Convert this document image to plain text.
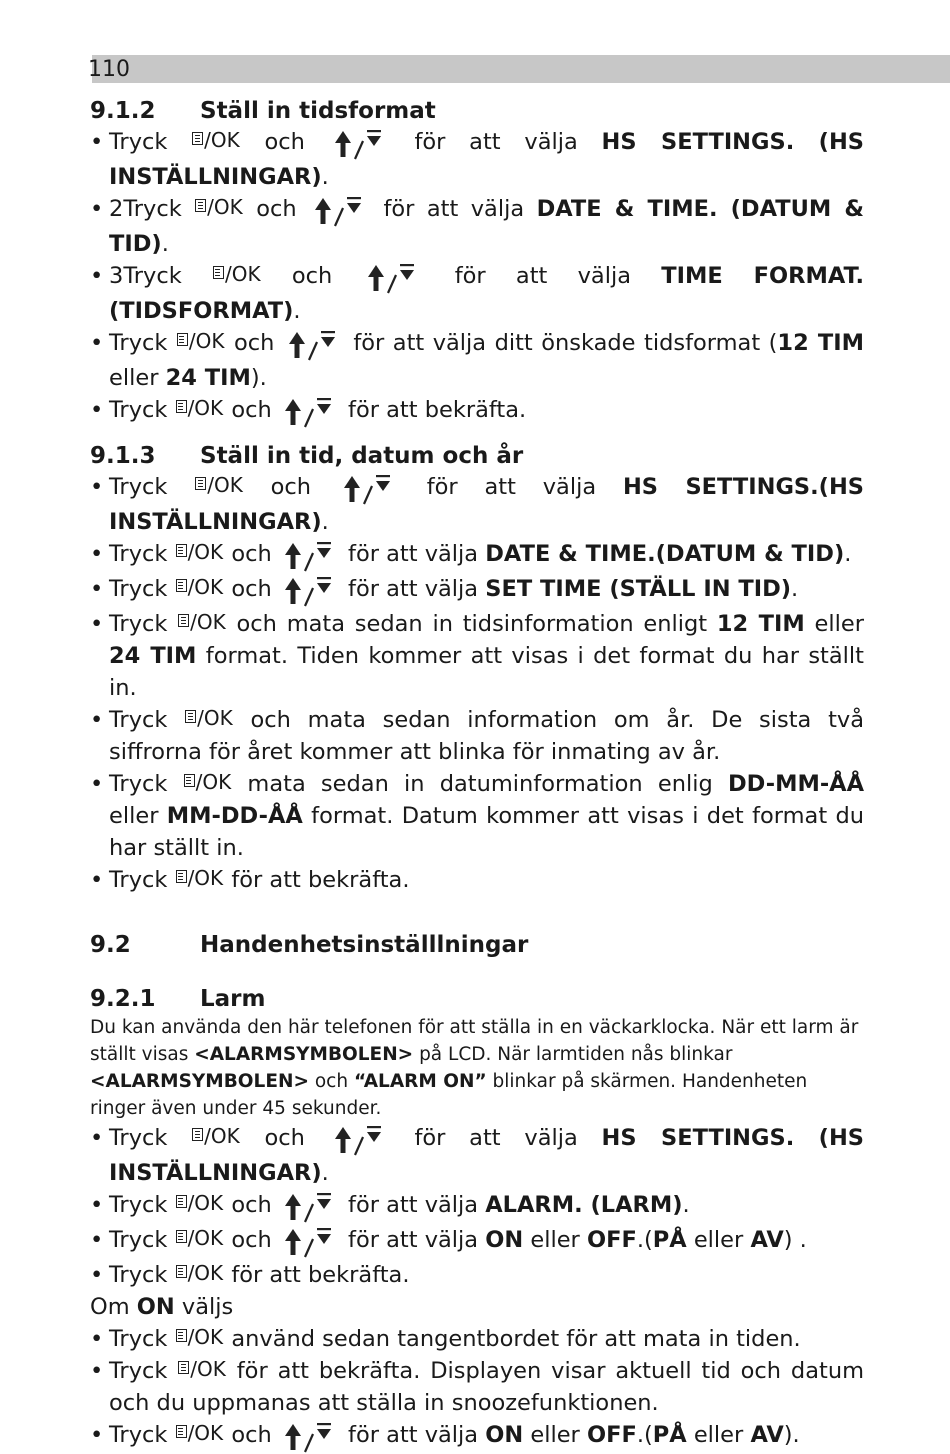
110
9.1.2	Ställ in tidsformat
• Tryck /OK och	för att välja HS SETTINGS. (HS INSTÄLLNINGAR).
• 2Tryck /OK och	för att välja DATE & TIME. (DATUM & TID).
• 3Tryck /OK och	för att välja TIME FORMAT. (TIDSFORMAT).
• Tryck /OK och	för att välja ditt önskade tidsformat (12 TIM eller 24 TIM).
• Tryck /OK och	för att bekräfta.
9.1.3	Ställ in tid, datum och år
• Tryck /OK och	för att välja HS SETTINGS.(HS INSTÄLLNINGAR).
• Tryck /OK och	för att välja DATE & TIME.(DATUM & TID).
• Tryck /OK och	för att välja SET TIME (STÄLL IN TID).
• Tryck /OK och mata sedan in tidsinformation enligt 12 TIM eller 24 TIM format. Tiden kommer att visas i det format du har ställt in.
• Tryck /OK och mata sedan information om år. De sista två siffrorna för året kommer att blinka för inmating av år.
• Tryck /OK mata sedan in datuminformation enlig DD-MM-ÅÅ eller MM-DD-ÅÅ format. Datum kommer att visas i det format du har ställt in.
• Tryck /OK för att bekräfta.
9.2	Handenhetsinställlningar
9.2.1	Larm
Du kan använda den här telefonen för att ställa in en väckarklocka. När ett larm är ställt visas <ALARMSYMBOLEN> på LCD. När larmtiden nås blinkar <ALARMSYMBOLEN> och “ALARM ON” blinkar på skärmen. Handenheten ringer även under 45 sekunder.
• Tryck /OK och	för att välja HS SETTINGS. (HS INSTÄLLNINGAR).
• Tryck /OK och	för att välja ALARM. (LARM).
• Tryck /OK och	för att välja ON eller OFF.(PÅ eller AV) .
• Tryck /OK för att bekräfta.
Om ON väljs
• Tryck /OK använd sedan tangentbordet för att mata in tiden.
• Tryck /OK för att bekräfta. Displayen visar aktuell tid och datum och du uppmanas att ställa in snoozefunktionen.
• Tryck /OK och	för att välja ON eller OFF.(PÅ eller AV).
